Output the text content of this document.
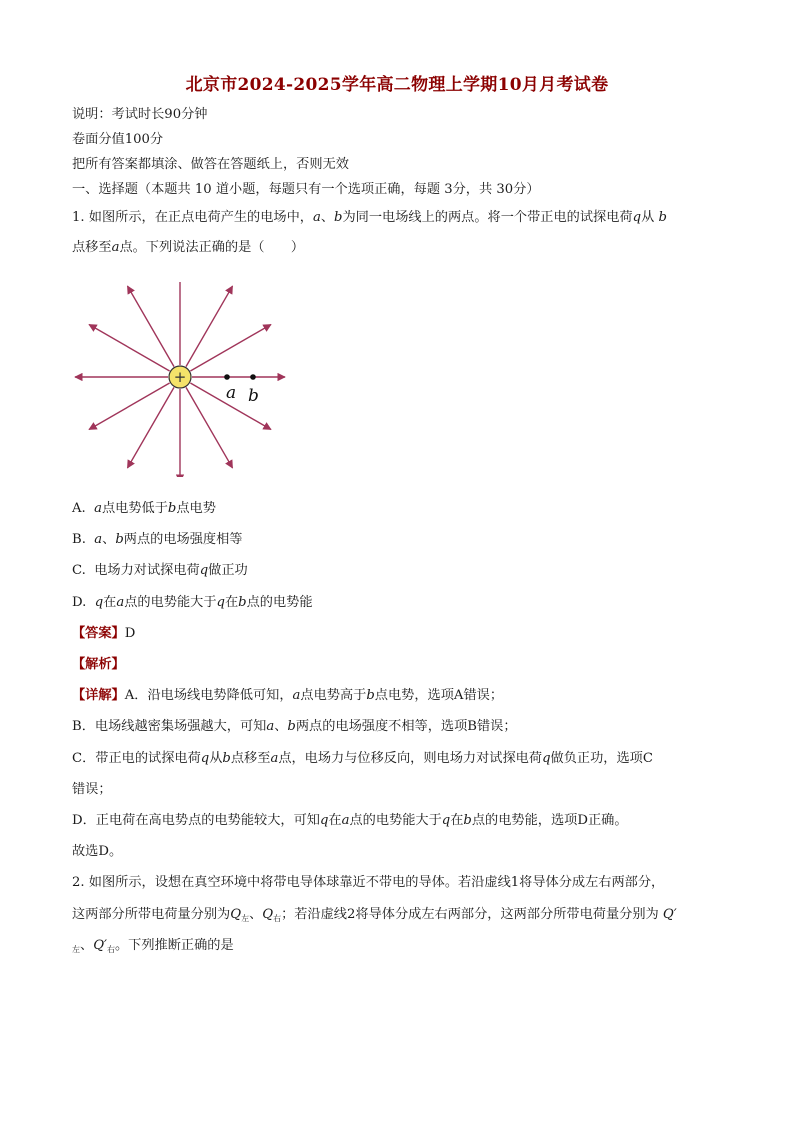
北京市2024-2025学年高二物理上学期10月月考试卷
说明：考试时长90分钟
卷面分值100分
把所有答案都填涂、做答在答题纸上，否则无效
一、选择题（本题共 10 道小题，每题只有一个选项正确，每题 3分，共 30分）
1. 如图所示，在正点电荷产生的电场中，a、b为同一电场线上的两点。将一个带正电的试探电荷q从 b
点移至a点。下列说法正确的是（　　）
+
a b
A. a点电势低于b点电势
B. a、b两点的电场强度相等
C. 电场力对试探电荷q做正功
D. q在a点的电势能大于q在b点的电势能
【答案】D
【解析】
【详解】A．沿电场线电势降低可知，a点电势高于b点电势，选项A错误；
B．电场线越密集场强越大，可知a、b两点的电场强度不相等，选项B错误；
C．带正电的试探电荷q从b点移至a点，电场力与位移反向，则电场力对试探电荷q做负正功，选项C
错误；
D．正电荷在高电势点的电势能较大，可知q在a点的电势能大于q在b点的电势能，选项D正确。
故选D。
2. 如图所示，设想在真空环境中将带电导体球靠近不带电的导体。若沿虚线1将导体分成左右两部分，
这两部分所带电荷量分别为$Q_左$、$Q_右$；若沿虚线2将导体分成左右两部分，这两部分所带电荷量分别为 Q′
$_左$、$Q'_右$。下列推断正确的是
